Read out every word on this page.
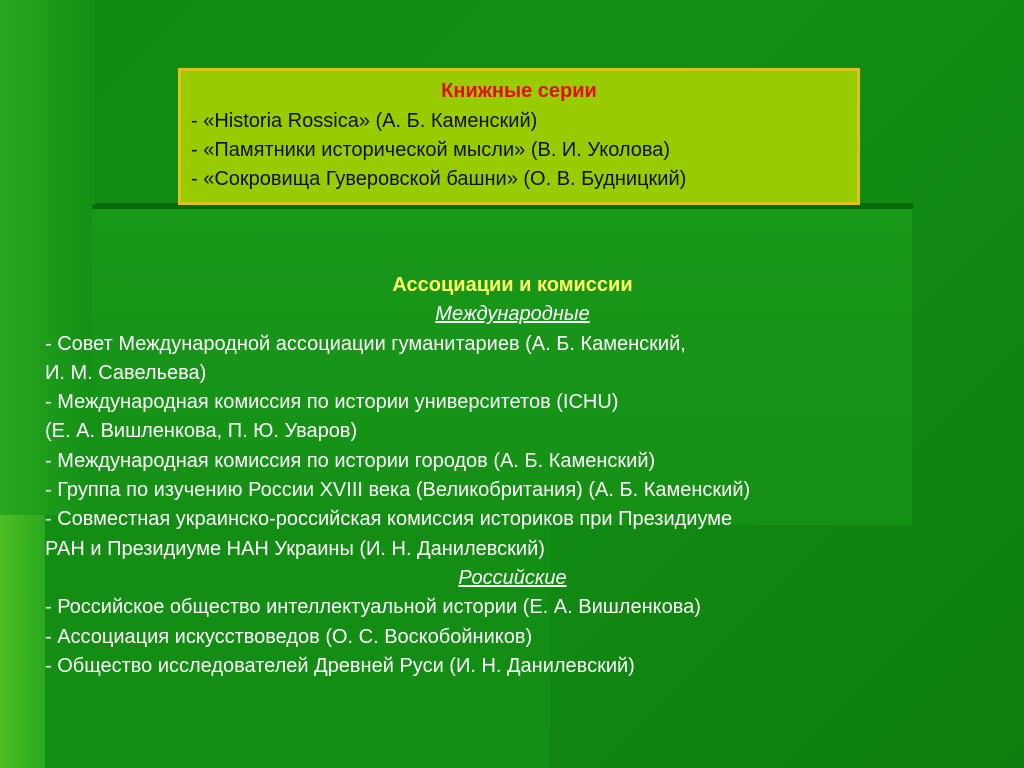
Книжные серии
- «Historia Rossica» (А. Б. Каменский)
- «Памятники исторической мысли» (В. И. Уколова)
- «Сокровища Гуверовской башни» (О. В. Будницкий)
Ассоциации и комиссии
Международные
- Совет Международной ассоциации гуманитариев (А. Б. Каменский,
И. М. Савельева)
- Международная комиссия по истории университетов (ICHU)
(Е. А. Вишленкова, П. Ю. Уваров)
- Международная комиссия по истории городов (А. Б. Каменский)
- Группа по изучению России XVIII века (Великобритания) (А. Б. Каменский)
- Совместная украинско-российская комиссия историков при Президиуме
РАН и Президиуме НАН Украины (И. Н. Данилевский)
Российские
- Российское общество интеллектуальной истории (Е. А. Вишленкова)
- Ассоциация искусствоведов (О. С. Воскобойников)
- Общество исследователей Древней Руси (И. Н. Данилевский)
